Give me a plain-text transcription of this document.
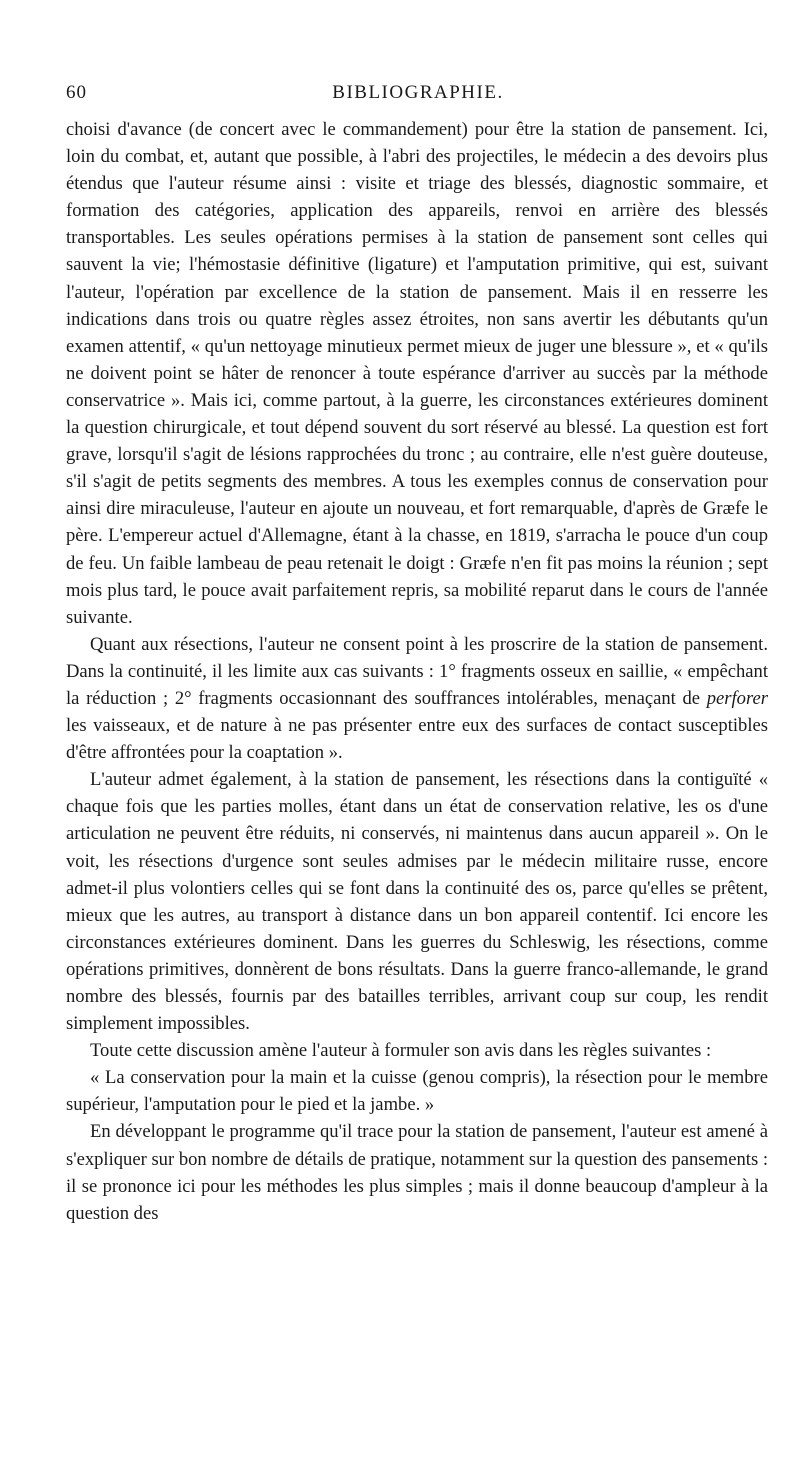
60	BIBLIOGRAPHIE.

choisi d'avance (de concert avec le commandement) pour être la station de pansement. Ici, loin du combat, et, autant que possible, à l'abri des projectiles, le médecin a des devoirs plus étendus que l'auteur résume ainsi : visite et triage des blessés, diagnostic sommaire, et formation des catégories, application des appareils, renvoi en arrière des blessés transportables. Les seules opérations permises à la station de pansement sont celles qui sauvent la vie; l'hémostasie définitive (ligature) et l'amputation primitive, qui est, suivant l'auteur, l'opération par excellence de la station de pansement. Mais il en resserre les indications dans trois ou quatre règles assez étroites, non sans avertir les débutants qu'un examen attentif, « qu'un nettoyage minutieux permet mieux de juger une blessure », et « qu'ils ne doivent point se hâter de renoncer à toute espérance d'arriver au succès par la méthode conservatrice ». Mais ici, comme partout, à la guerre, les circonstances extérieures dominent la question chirurgicale, et tout dépend souvent du sort réservé au blessé. La question est fort grave, lorsqu'il s'agit de lésions rapprochées du tronc ; au contraire, elle n'est guère douteuse, s'il s'agit de petits segments des membres. A tous les exemples connus de conservation pour ainsi dire miraculeuse, l'auteur en ajoute un nouveau, et fort remarquable, d'après de Græfe le père. L'empereur actuel d'Allemagne, étant à la chasse, en 1819, s'arracha le pouce d'un coup de feu. Un faible lambeau de peau retenait le doigt : Græfe n'en fit pas moins la réunion ; sept mois plus tard, le pouce avait parfaitement repris, sa mobilité reparut dans le cours de l'année suivante.

Quant aux résections, l'auteur ne consent point à les proscrire de la station de pansement. Dans la continuité, il les limite aux cas suivants : 1° fragments osseux en saillie, « empêchant la réduction ; 2° fragments occasionnant des souffrances intolérables, menaçant de perforer les vaisseaux, et de nature à ne pas présenter entre eux des surfaces de contact susceptibles d'être affrontées pour la coaptation ».

L'auteur admet également, à la station de pansement, les résections dans la contiguïté « chaque fois que les parties molles, étant dans un état de conservation relative, les os d'une articulation ne peuvent être réduits, ni conservés, ni maintenus dans aucun appareil ». On le voit, les résections d'urgence sont seules admises par le médecin militaire russe, encore admet-il plus volontiers celles qui se font dans la continuité des os, parce qu'elles se prêtent, mieux que les autres, au transport à distance dans un bon appareil contentif. Ici encore les circonstances extérieures dominent. Dans les guerres du Schleswig, les résections, comme opérations primitives, donnèrent de bons résultats. Dans la guerre franco-allemande, le grand nombre des blessés, fournis par des batailles terribles, arrivant coup sur coup, les rendit simplement impossibles.

Toute cette discussion amène l'auteur à formuler son avis dans les règles suivantes :

« La conservation pour la main et la cuisse (genou compris), la résection pour le membre supérieur, l'amputation pour le pied et la jambe. »

En développant le programme qu'il trace pour la station de pansement, l'auteur est amené à s'expliquer sur bon nombre de détails de pratique, notamment sur la question des pansements : il se prononce ici pour les méthodes les plus simples ; mais il donne beaucoup d'ampleur à la question des
